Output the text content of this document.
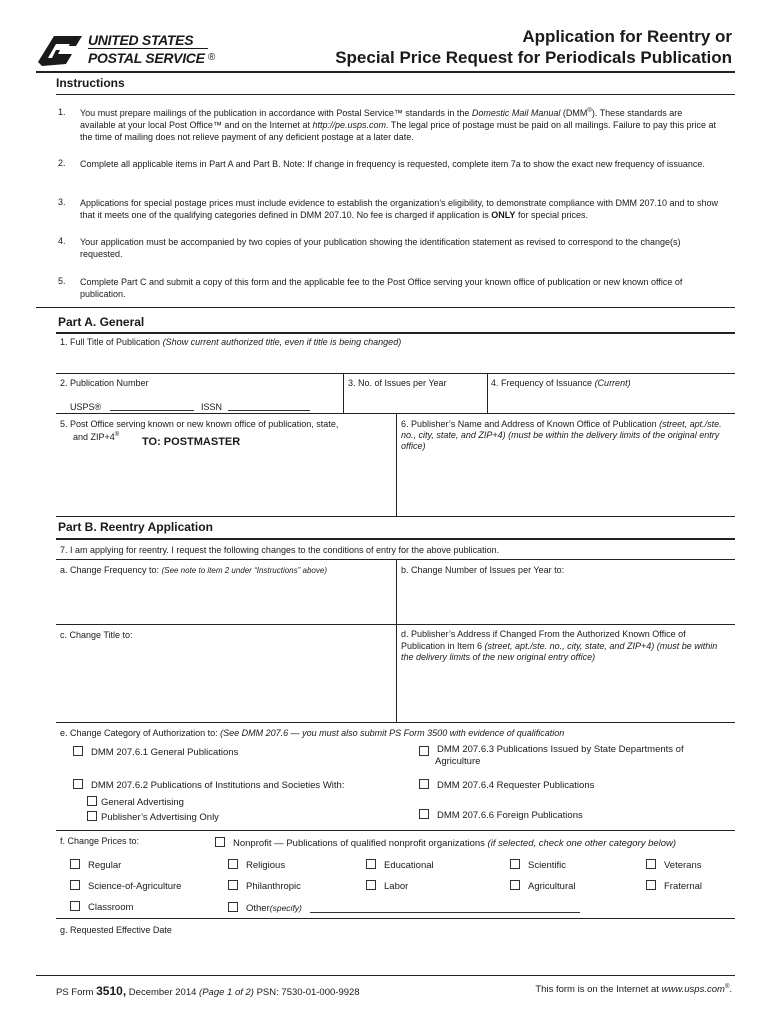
UNITED STATES
POSTAL SERVICE ®
Application for Reentry or
Special Price Request for Periodicals Publication
Instructions
1. You must prepare mailings of the publication in accordance with Postal Service™ standards in the Domestic Mail Manual (DMM®). These standards are available at your local Post Office™ and on the Internet at http://pe.usps.com. The legal price of postage must be paid on all mailings. Failure to pay this price at the time of mailing does not relieve payment of any deficient postage at a later date.
2. Complete all applicable items in Part A and Part B. Note: If change in frequency is requested, complete item 7a to show the exact new frequency of issuance.
3. Applications for special postage prices must include evidence to establish the organization’s eligibility, to demonstrate compliance with DMM 207.10 and to show that it meets one of the qualifying categories defined in DMM 207.10. No fee is charged if application is ONLY for special prices.
4. Your application must be accompanied by two copies of your publication showing the identification statement as revised to correspond to the change(s) requested.
5. Complete Part C and submit a copy of this form and the applicable fee to the Post Office serving your known office of publication or new known office of publication.
Part A. General
1. Full Title of Publication (Show current authorized title, even if title is being changed)
2. Publication Number	3. No. of Issues per Year	4. Frequency of Issuance (Current)
USPS®	ISSN
5. Post Office serving known or new known office of publication, state,
and ZIP+4®
TO: POSTMASTER
6. Publisher’s Name and Address of Known Office of Publication (street, apt./ste. no., city, state, and ZIP+4) (must be within the delivery limits of the original entry office)
Part B. Reentry Application
7. I am applying for reentry. I request the following changes to the conditions of entry for the above publication.
a. Change Frequency to: (See note to item 2 under “Instructions” above)	b. Change Number of Issues per Year to:
c. Change Title to:	d. Publisher’s Address if Changed From the Authorized Known Office of Publication in Item 6 (street, apt./ste. no., city, state, and ZIP+4) (must be within the delivery limits of the new original entry office)
e. Change Category of Authorization to: (See DMM 207.6 — you must also submit PS Form 3500 with evidence of qualification
DMM 207.6.1 General Publications	DMM 207.6.3 Publications Issued by State Departments of Agriculture
DMM 207.6.2 Publications of Institutions and Societies With:	DMM 207.6.4 Requester Publications
General Advertising
Publisher’s Advertising Only	DMM 207.6.6 Foreign Publications
f. Change Prices to:	Nonprofit — Publications of qualified nonprofit organizations (if selected, check one other category below)
Regular	Religious	Educational	Scientific	Veterans
Science-of-Agriculture	Philanthropic	Labor	Agricultural	Fraternal
Classroom	Other(specify)
g. Requested Effective Date
PS Form 3510, December 2014 (Page 1 of 2) PSN: 7530-01-000-9928	This form is on the Internet at www.usps.com®.
